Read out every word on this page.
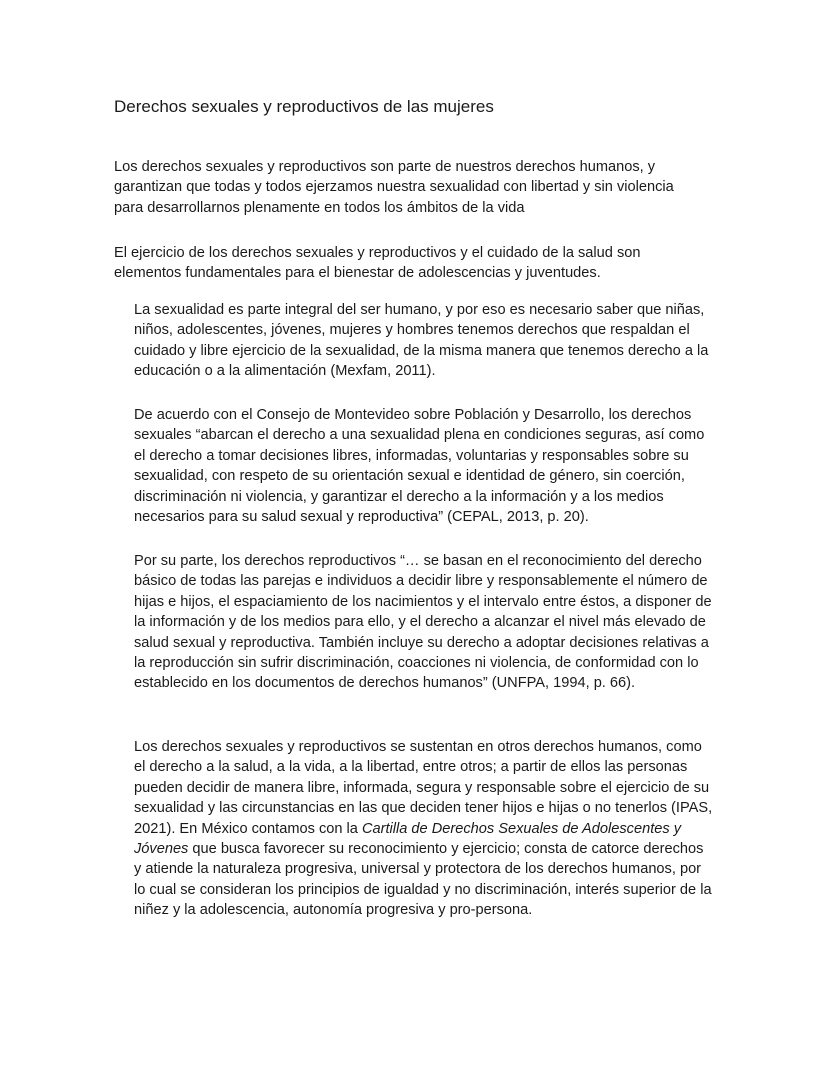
Derechos sexuales y reproductivos de las mujeres

Los derechos sexuales y reproductivos son parte de nuestros derechos humanos, y garantizan que todas y todos ejerzamos nuestra sexualidad con libertad y sin violencia para desarrollarnos plenamente en todos los ámbitos de la vida

El ejercicio de los derechos sexuales y reproductivos y el cuidado de la salud son elementos fundamentales para el bienestar de adolescencias y juventudes.

La sexualidad es parte integral del ser humano, y por eso es necesario saber que niñas, niños, adolescentes, jóvenes, mujeres y hombres tenemos derechos que respaldan el cuidado y libre ejercicio de la sexualidad, de la misma manera que tenemos derecho a la educación o a la alimentación (Mexfam, 2011).

De acuerdo con el Consejo de Montevideo sobre Población y Desarrollo, los derechos sexuales “abarcan el derecho a una sexualidad plena en condiciones seguras, así como el derecho a tomar decisiones libres, informadas, voluntarias y responsables sobre su sexualidad, con respeto de su orientación sexual e identidad de género, sin coerción, discriminación ni violencia, y garantizar el derecho a la información y a los medios necesarios para su salud sexual y reproductiva” (CEPAL, 2013, p. 20).

Por su parte, los derechos reproductivos “… se basan en el reconocimiento del derecho básico de todas las parejas e individuos a decidir libre y responsablemente el número de hijas e hijos, el espaciamiento de los nacimientos y el intervalo entre éstos, a disponer de la información y de los medios para ello, y el derecho a alcanzar el nivel más elevado de salud sexual y reproductiva. También incluye su derecho a adoptar decisiones relativas a la reproducción sin sufrir discriminación, coacciones ni violencia, de conformidad con lo establecido en los documentos de derechos humanos” (UNFPA, 1994, p. 66).

Los derechos sexuales y reproductivos se sustentan en otros derechos humanos, como el derecho a la salud, a la vida, a la libertad, entre otros; a partir de ellos las personas pueden decidir de manera libre, informada, segura y responsable sobre el ejercicio de su sexualidad y las circunstancias en las que deciden tener hijos e hijas o no tenerlos (IPAS, 2021). En México contamos con la Cartilla de Derechos Sexuales de Adolescentes y Jóvenes que busca favorecer su reconocimiento y ejercicio; consta de catorce derechos y atiende la naturaleza progresiva, universal y protectora de los derechos humanos, por lo cual se consideran los principios de igualdad y no discriminación, interés superior de la niñez y la adolescencia, autonomía progresiva y pro-persona.
